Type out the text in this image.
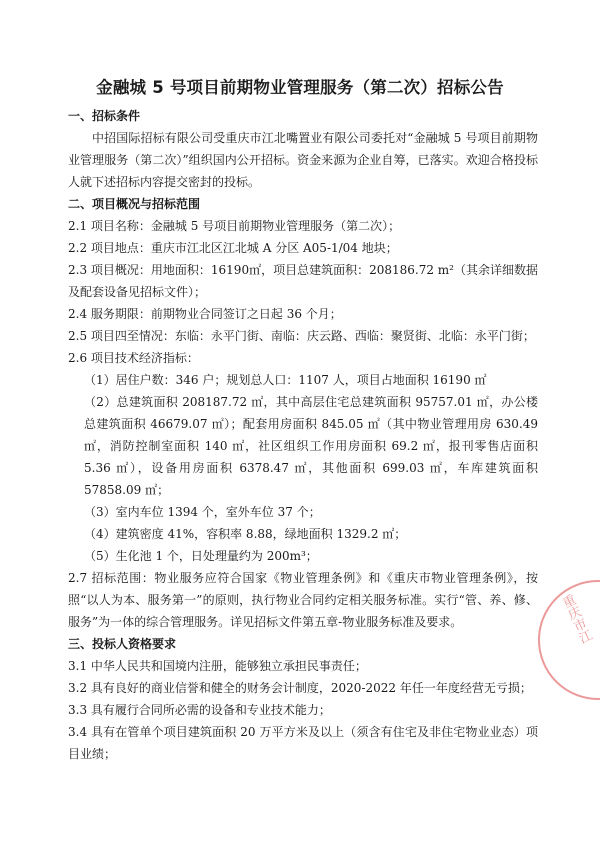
金融城 5 号项目前期物业管理服务（第二次）招标公告
一、招标条件

中招国际招标有限公司受重庆市江北嘴置业有限公司委托对“金融城 5 号项目前期物业管理服务（第二次）”组织国内公开招标。资金来源为企业自筹，已落实。欢迎合格投标人就下述招标内容提交密封的投标。

二、项目概况与招标范围

2.1 项目名称：金融城 5 号项目前期物业管理服务（第二次）；

2.2 项目地点：重庆市江北区江北城 A 分区 A05-1/04 地块；

2.3 项目概况：用地面积：16190㎡，项目总建筑面积：208186.72 m²（其余详细数据及配套设备见招标文件）；

2.4 服务期限：前期物业合同签订之日起 36 个月；

2.5 项目四至情况：东临：永平门街、南临：庆云路、西临：聚贤街、北临：永平门街；

2.6 项目技术经济指标：

（1）居住户数：346 户；规划总人口：1107 人，项目占地面积 16190 ㎡

（2）总建筑面积 208187.72 ㎡，其中高层住宅总建筑面积 95757.01 ㎡，办公楼总建筑面积 46679.07 ㎡）；配套用房面积 845.05 ㎡（其中物业管理用房 630.49 ㎡，消防控制室面积 140 ㎡，社区组织工作用房面积 69.2 ㎡，报刊零售店面积 5.36 ㎡），设备用房面积 6378.47 ㎡，其他面积 699.03 ㎡，车库建筑面积 57858.09 ㎡；

（3）室内车位 1394 个，室外车位 37 个；

（4）建筑密度 41%，容积率 8.88，绿地面积 1329.2 ㎡；

（5）生化池 1 个，日处理量约为 200m³；

2.7 招标范围：物业服务应符合国家《物业管理条例》和《重庆市物业管理条例》，按照“以人为本、服务第一”的原则，执行物业合同约定相关服务标准。实行“管、养、修、服务”为一体的综合管理服务。详见招标文件第五章-物业服务标准及要求。

三、投标人资格要求

3.1 中华人民共和国境内注册，能够独立承担民事责任；

3.2 具有良好的商业信誉和健全的财务会计制度，2020-2022 年任一年度经营无亏损；

3.3 具有履行合同所必需的设备和专业技术能力；

3.4 具有在管单个项目建筑面积 20 万平方米及以上（须含有住宅及非住宅物业业态）项目业绩；

重庆市江
